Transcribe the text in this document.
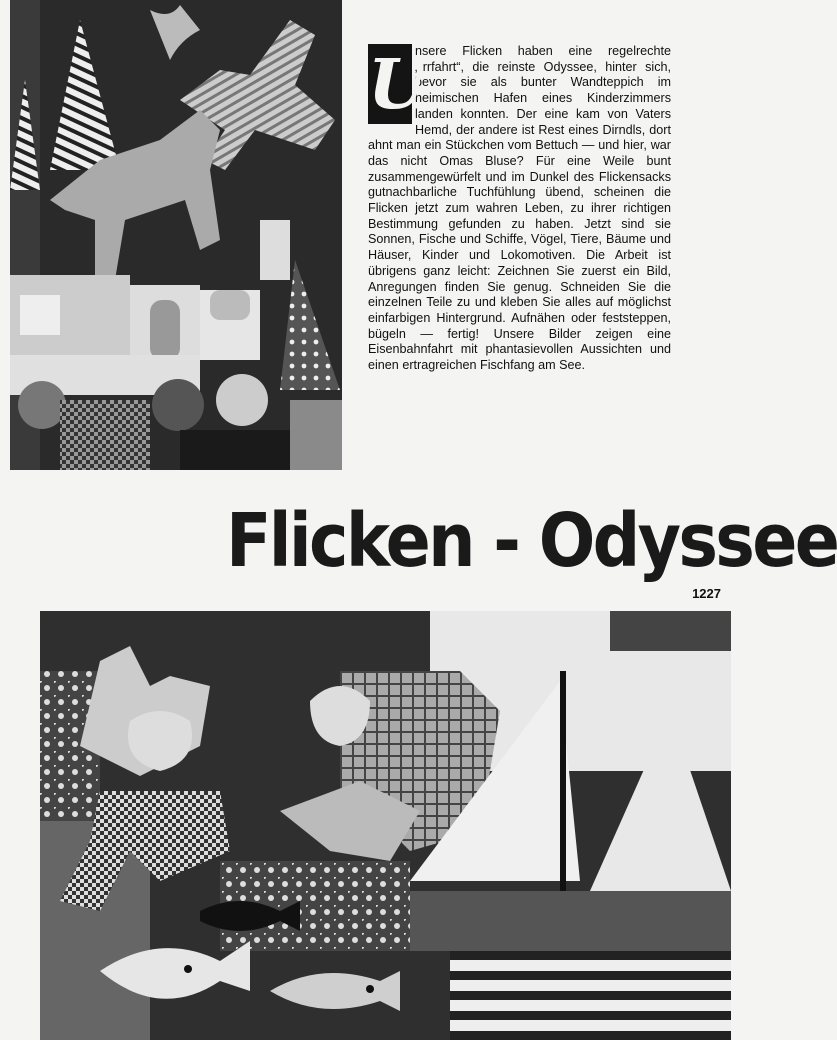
U
nsere Flicken haben eine regelrechte „Irrfahrt“, die reinste Odyssee, hinter sich, bevor sie als bunter Wandteppich im heimischen Hafen eines Kinderzimmers landen konnten. Der eine kam von Vaters Hemd, der andere ist Rest eines Dirndls, dort ahnt man ein Stückchen vom Bettuch — und hier, war das nicht Omas Bluse? Für eine Weile bunt zusammengewürfelt und im Dunkel des Flickensacks gutnachbarliche Tuchfühlung übend, scheinen die Flicken jetzt zum wahren Leben, zu ihrer richtigen Bestimmung gefunden zu haben. Jetzt sind sie Sonnen, Fische und Schiffe, Vögel, Tiere, Bäume und Häuser, Kinder und Lokomotiven. Die Arbeit ist übrigens ganz leicht: Zeichnen Sie zuerst ein Bild, Anregungen finden Sie genug. Schneiden Sie die einzelnen Teile zu und kleben Sie alles auf möglichst einfarbigen Hintergrund. Aufnähen oder feststeppen, bügeln — fertig! Unsere Bilder zeigen eine Eisenbahnfahrt mit phantasievollen Aussichten und einen ertragreichen Fischfang am See.
Flicken - Odyssee
1227
